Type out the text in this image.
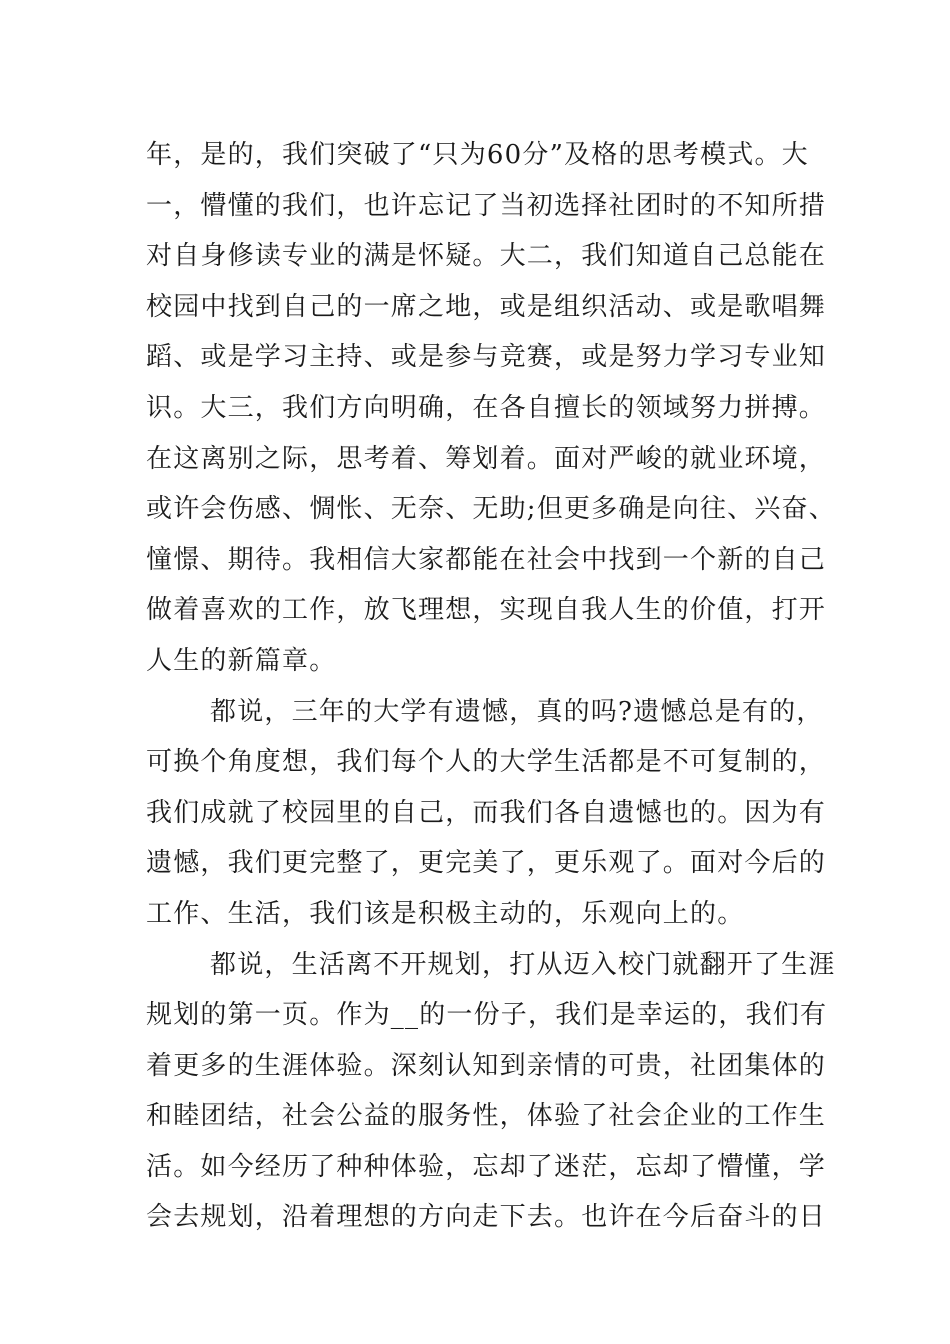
年，是的，我们突破了“只为60分”及格的思考模式。大
一，懵懂的我们，也许忘记了当初选择社团时的不知所措
对自身修读专业的满是怀疑。大二，我们知道自己总能在
校园中找到自己的一席之地，或是组织活动、或是歌唱舞
蹈、或是学习主持、或是参与竞赛，或是努力学习专业知
识。大三，我们方向明确，在各自擅长的领域努力拼搏。
在这离别之际，思考着、筹划着。面对严峻的就业环境，
或许会伤感、惆怅、无奈、无助;但更多确是向往、兴奋、
憧憬、期待。我相信大家都能在社会中找到一个新的自己
做着喜欢的工作，放飞理想，实现自我人生的价值，打开
人生的新篇章。
都说，三年的大学有遗憾，真的吗?遗憾总是有的，
可换个角度想，我们每个人的大学生活都是不可复制的，
我们成就了校园里的自己，而我们各自遗憾也的。因为有
遗憾，我们更完整了，更完美了，更乐观了。面对今后的
工作、生活，我们该是积极主动的，乐观向上的。
都说，生活离不开规划，打从迈入校门就翻开了生涯
规划的第一页。作为__的一份子，我们是幸运的，我们有
着更多的生涯体验。深刻认知到亲情的可贵，社团集体的
和睦团结，社会公益的服务性，体验了社会企业的工作生
活。如今经历了种种体验，忘却了迷茫，忘却了懵懂，学
会去规划，沿着理想的方向走下去。也许在今后奋斗的日
